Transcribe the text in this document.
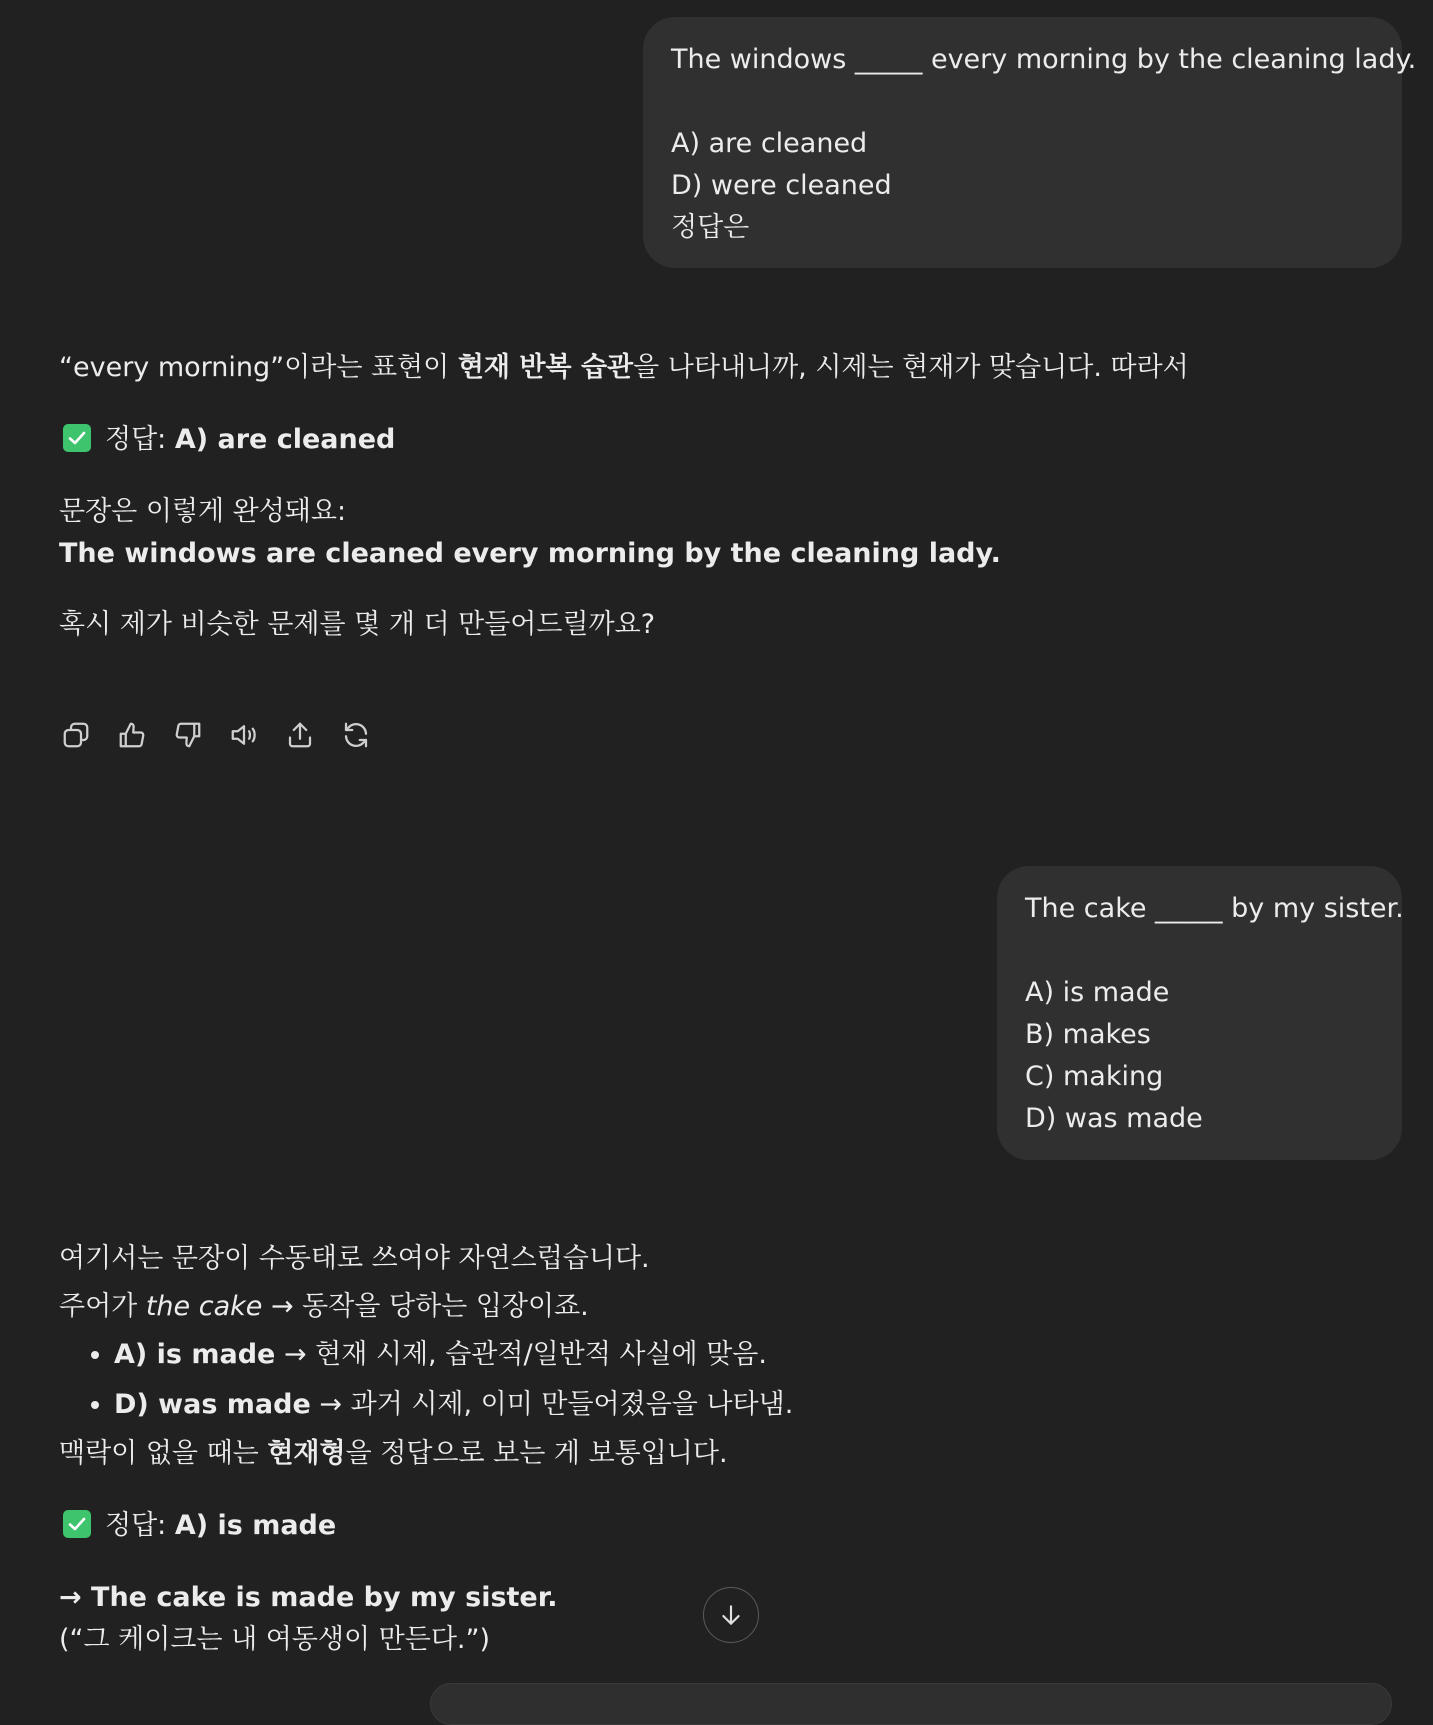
The windows _____ every morning by the cleaning lady.

A) are cleaned

D) were cleaned

정답은

“every morning”이라는 표현이 현재 반복 습관을 나타내니까, 시제는 현재가 맞습니다. 따라서

정답: A) are cleaned

문장은 이렇게 완성돼요:

The windows are cleaned every morning by the cleaning lady.

혹시 제가 비슷한 문제를 몇 개 더 만들어드릴까요?

The cake _____ by my sister.

A) is made

B) makes

C) making

D) was made

여기서는 문장이 수동태로 쓰여야 자연스럽습니다.

주어가 the cake → 동작을 당하는 입장이죠.

• A) is made → 현재 시제, 습관적/일반적 사실에 맞음.
• D) was made → 과거 시제, 이미 만들어졌음을 나타냄.

맥락이 없을 때는 현재형을 정답으로 보는 게 보통입니다.

정답: A) is made

→ The cake is made by my sister.

(“그 케이크는 내 여동생이 만든다.”)
